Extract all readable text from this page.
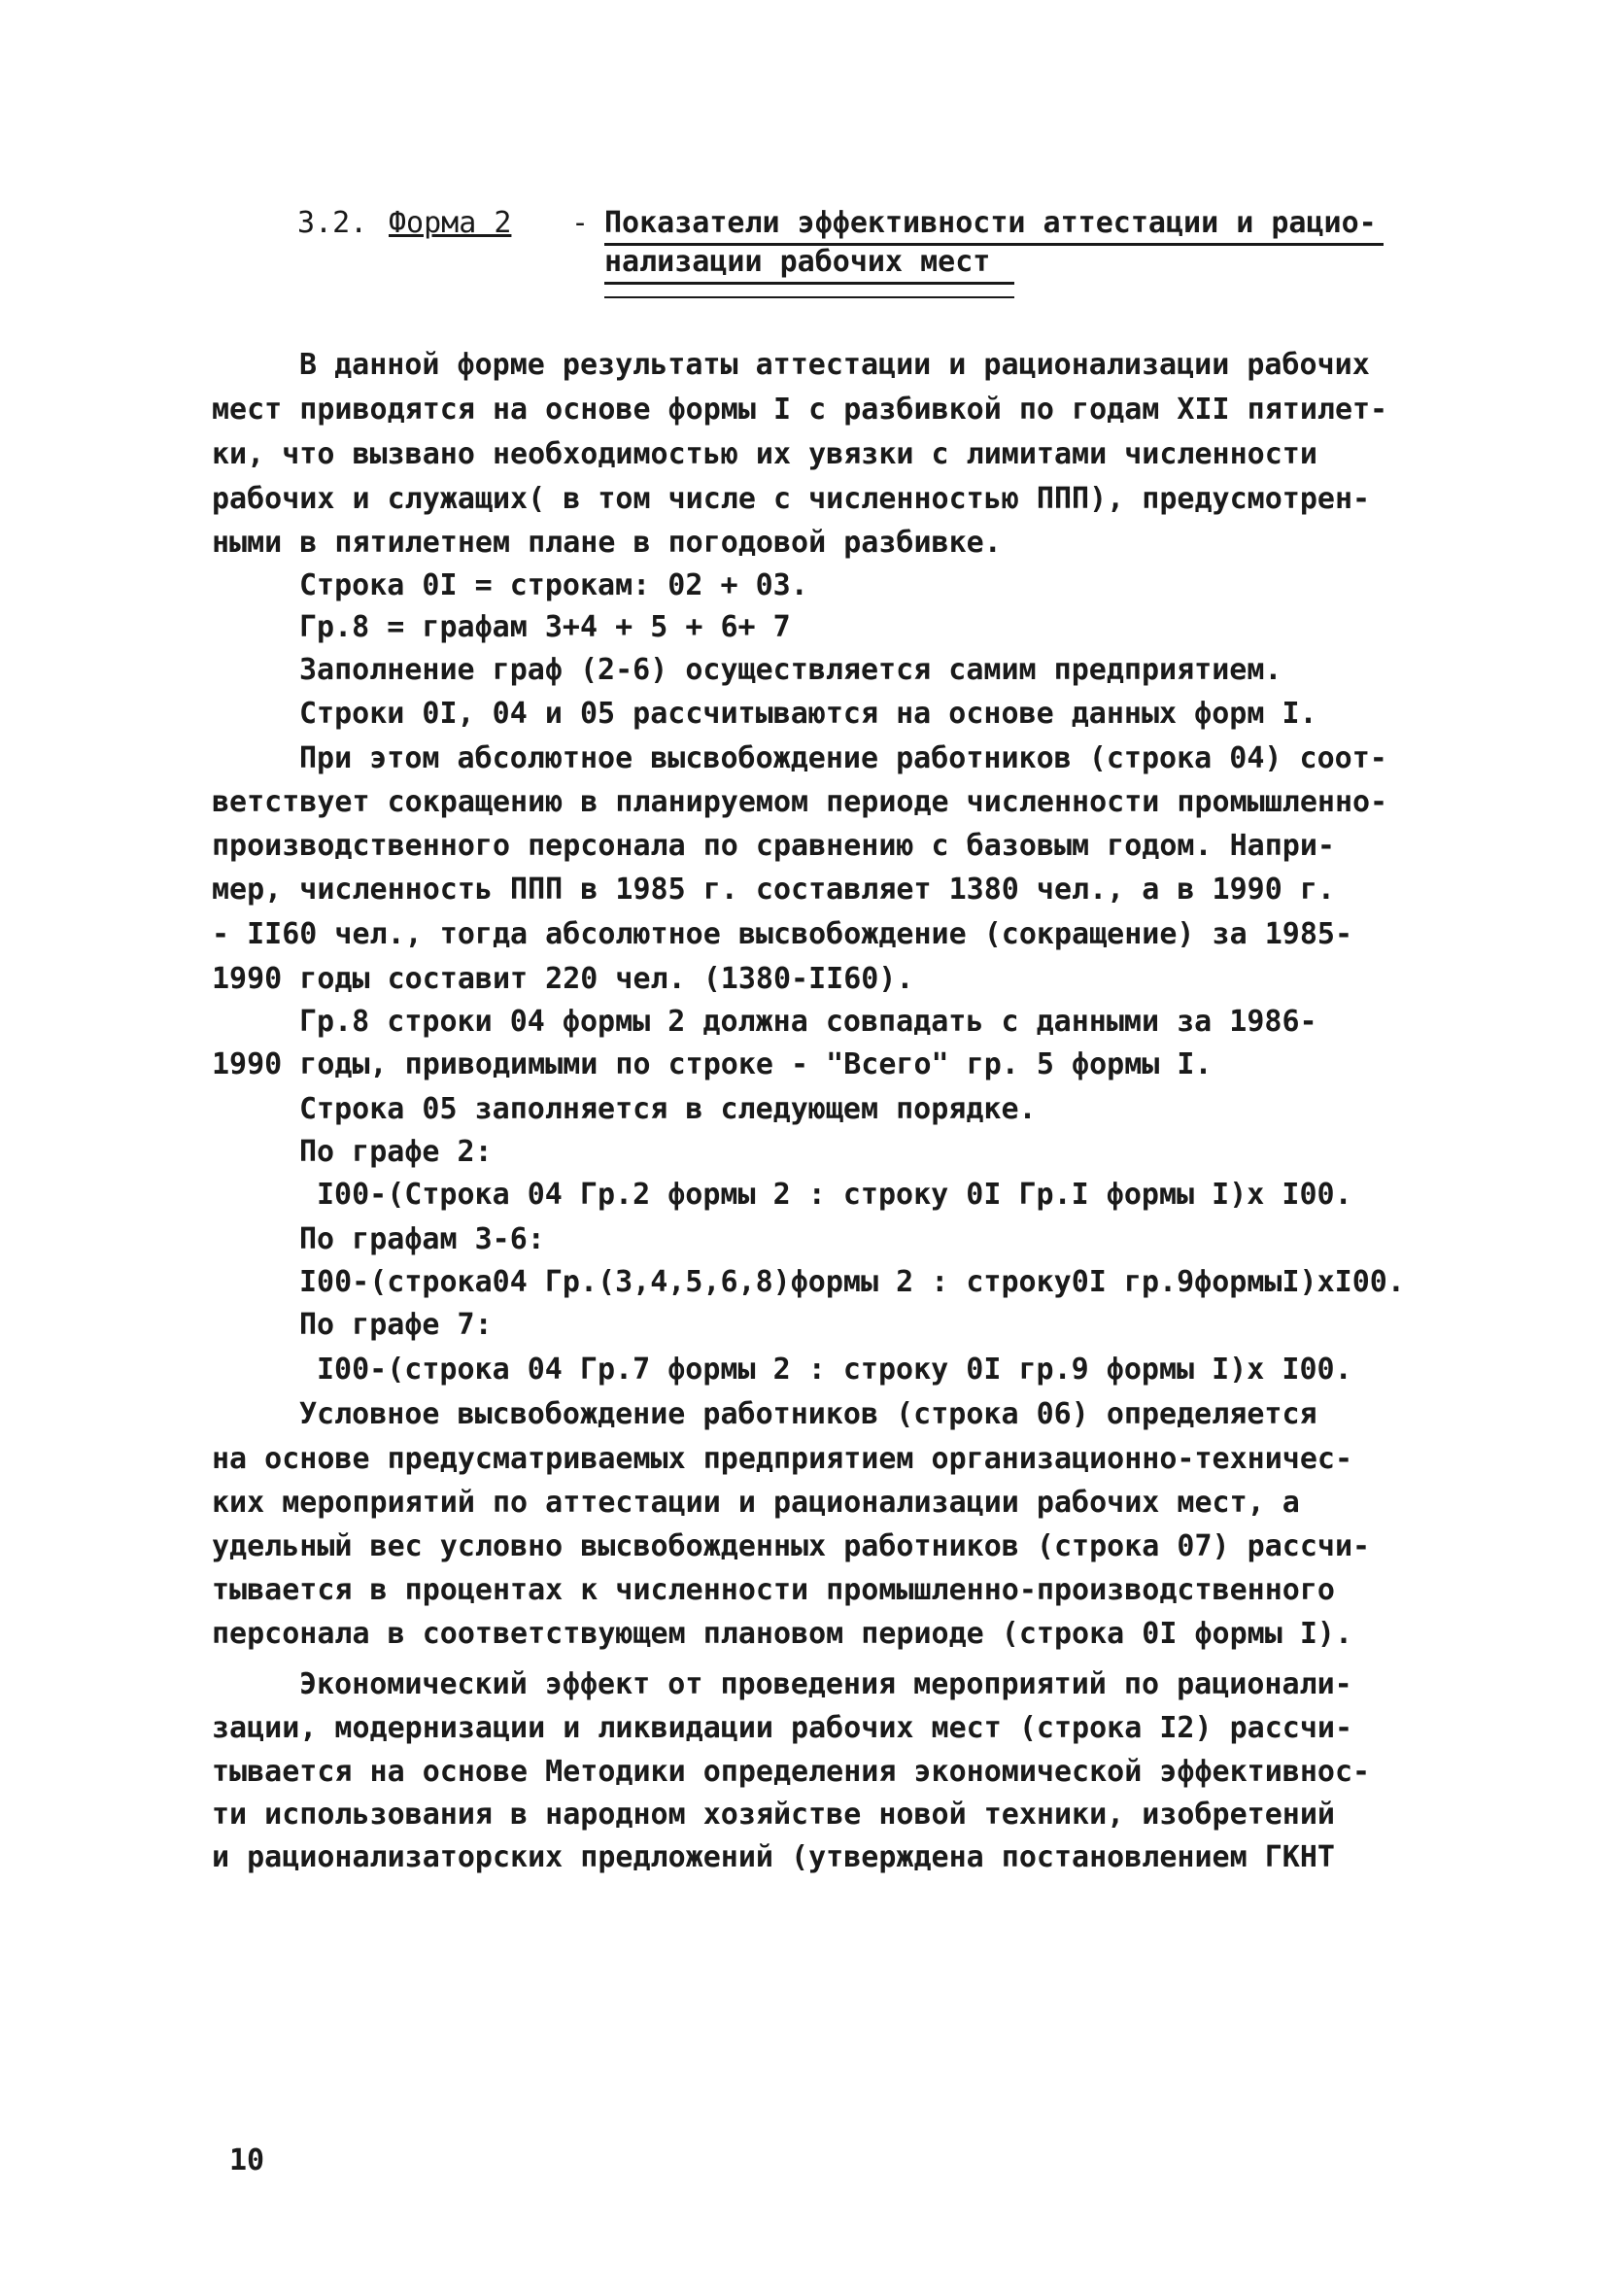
3.2. Форма 2 - Показатели эффективности аттестации и рацио-
нализации рабочих мест
В данной форме результаты аттестации и рационализации рабочих
мест приводятся на основе формы I с разбивкой по годам XII пятилет-
ки, что вызвано необходимостью их увязки с лимитами численности
рабочих и служащих( в том числе с численностью ППП), предусмотрен-
ными в пятилетнем плане в погодовой разбивке.
Строка 0I = строкам: 02 + 03.
Гр.8 = графам 3+4 + 5 + 6+ 7
Заполнение граф (2-6) осуществляется самим предприятием.
Строки 0I, 04 и 05 рассчитываются на основе данных форм I.
При этом абсолютное высвобождение работников (строка 04) соот-
ветствует сокращению в планируемом периоде численности промышленно-
производственного персонала по сравнению с базовым годом. Напри-
мер, численность ППП в 1985 г. составляет 1380 чел., а в 1990 г.
- II60 чел., тогда абсолютное высвобождение (сокращение) за 1985-
1990 годы составит 220 чел. (1380-II60).
Гр.8 строки 04 формы 2 должна совпадать с данными за 1986-
1990 годы, приводимыми по строке - "Всего" гр. 5 формы I.
Строка 05 заполняется в следующем порядке.
По графе 2:
I00-(Строка 04 Гр.2 формы 2 : строку 0I Гр.I формы I)x I00.
По графам 3-6:
I00-(строка04 Гр.(3,4,5,6,8)формы 2 : строку0I гр.9формыI)xI00.
По графе 7:
I00-(строка 04 Гр.7 формы 2 : строку 0I гр.9 формы I)x I00.
Условное высвобождение работников (строка 06) определяется
на основе предусматриваемых предприятием организационно-техничес-
ких мероприятий по аттестации и рационализации рабочих мест, а
удельный вес условно высвобожденных работников (строка 07) рассчи-
тывается в процентах к численности промышленно-производственного
персонала в соответствующем плановом периоде (строка 0I формы I).
Экономический эффект от проведения мероприятий по рационали-
зации, модернизации и ликвидации рабочих мест (строка I2) рассчи-
тывается на основе Методики определения экономической эффективнос-
ти использования в народном хозяйстве новой техники, изобретений
и рационализаторских предложений (утверждена постановлением ГКНТ
10
